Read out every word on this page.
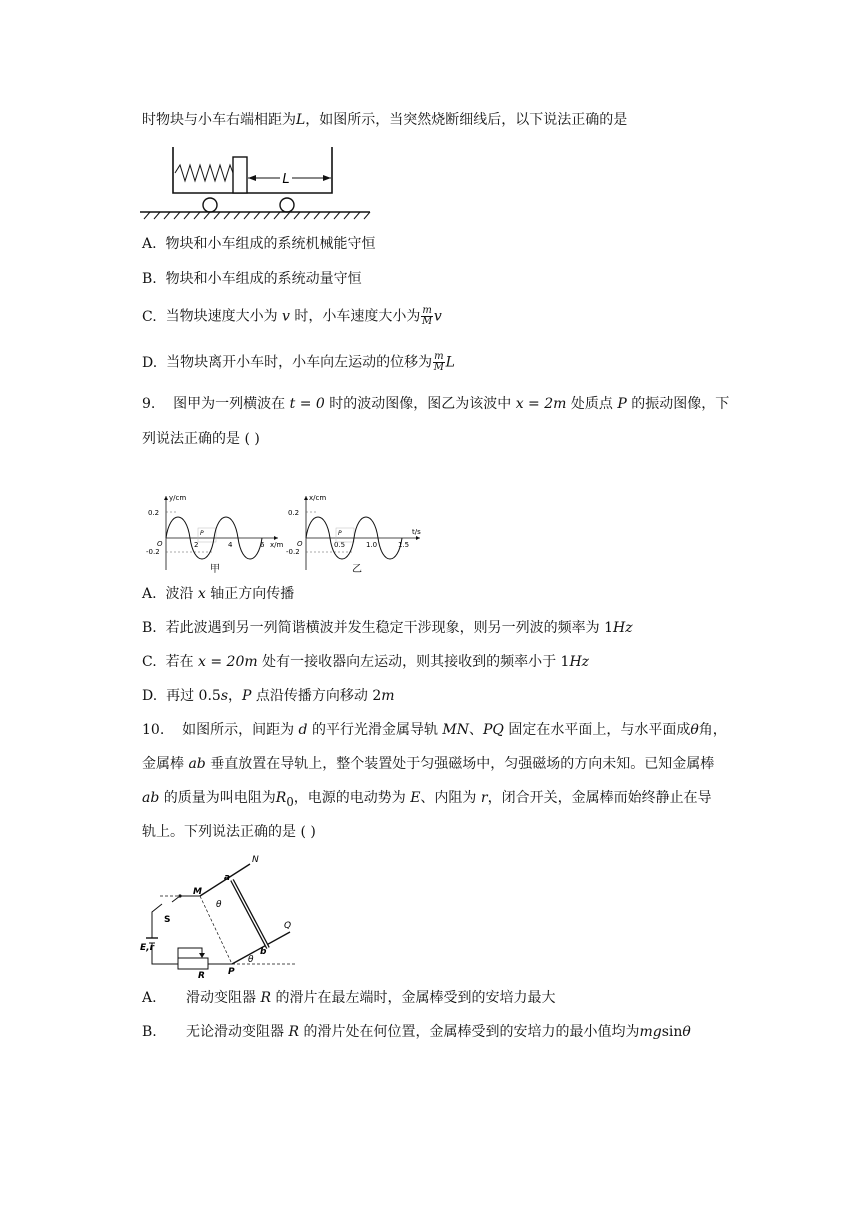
时物块与小车右端相距为L，如图所示，当突然烧断细线后，以下说法正确的是
L
A. 物块和小车组成的系统机械能守恒
B. 物块和小车组成的系统动量守恒
C. 当物块速度大小为 v 时，小车速度大小为 $\frac{m}{M}$ v
D. 当物块离开小车时，小车向左运动的位移为 $\frac{m}{M}$ L
9. 图甲为一列横波在 t = 0 时的波动图像，图乙为该波中 x = 2m 处质点 P 的振动图像，下
列说法正确的是 ( )
y/cm
x/m
0.2
-0.2
O	2	4	6
P
甲
x/cm
t/s
0.2
-0.2
O	0.5	1.0	1.5
P
乙
A. 波沿 x 轴正方向传播
B. 若此波遇到另一列简谐横波并发生稳定干涉现象，则另一列波的频率为 1Hz
C. 若在 x = 20m 处有一接收器向左运动，则其接收到的频率小于 1Hz
D. 再过 0.5s，P 点沿传播方向移动 2m
10. 如图所示，间距为 d 的平行光滑金属导轨 MN、PQ 固定在水平面上，与水平面成θ角，
金属棒 ab 垂直放置在导轨上，整个装置处于匀强磁场中，匀强磁场的方向未知。已知金属棒
ab 的质量为叫电阻为$R_0$，电源的电动势为 E、内阻为 r，闭合开关，金属棒而始终静止在导
轨上。下列说法正确的是 ( )
N
M
a
θ
S
Q
E,r	b
R	P
θ
A. 滑动变阻器 R 的滑片在最左端时，金属棒受到的安培力最大
B. 无论滑动变阻器 R 的滑片处在何位置，金属棒受到的安培力的最小值均为mgsinθ
